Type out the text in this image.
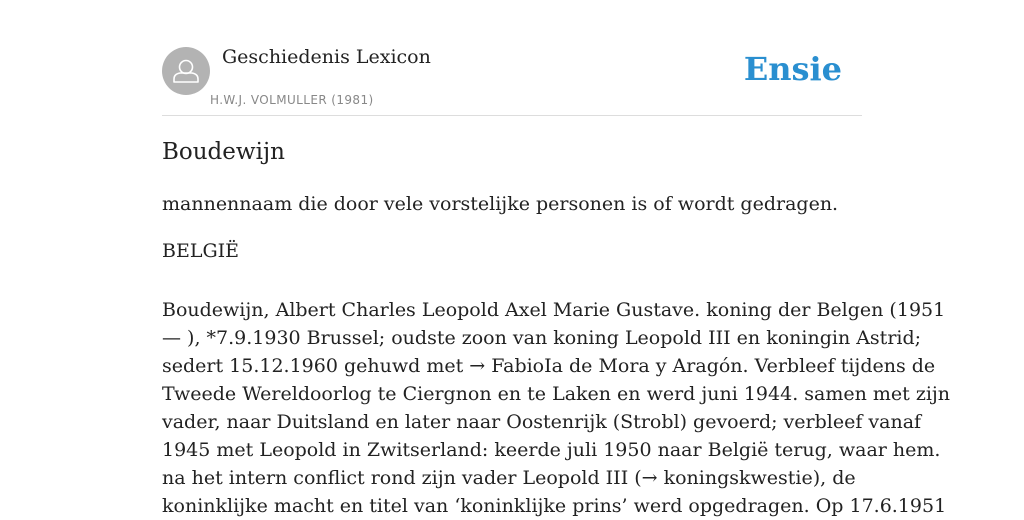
Geschiedenis Lexicon
H.W.J. VOLMULLER (1981)
Ensie
Boudewijn

mannennaam die door vele vorstelijke personen is of wordt gedragen.

BELGIË

Boudewijn, Albert Charles Leopold Axel Marie Gustave. koning der Belgen (1951
— ), *7.9.1930 Brussel; oudste zoon van koning Leopold III en koningin Astrid;
sedert 15.12.1960 gehuwd met → FabioIa de Mora y Aragón. Verbleef tijdens de
Tweede Wereldoorlog te Ciergnon en te Laken en werd juni 1944. samen met zijn
vader, naar Duitsland en later naar Oostenrijk (Strobl) gevoerd; verbleef vanaf
1945 met Leopold in Zwitserland: keerde juli 1950 naar België terug, waar hem.
na het intern conflict rond zijn vader Leopold III (→ koningskwestie), de
koninklijke macht en titel van ‘koninklijke prins’ werd opgedragen. Op 17.6.1951
